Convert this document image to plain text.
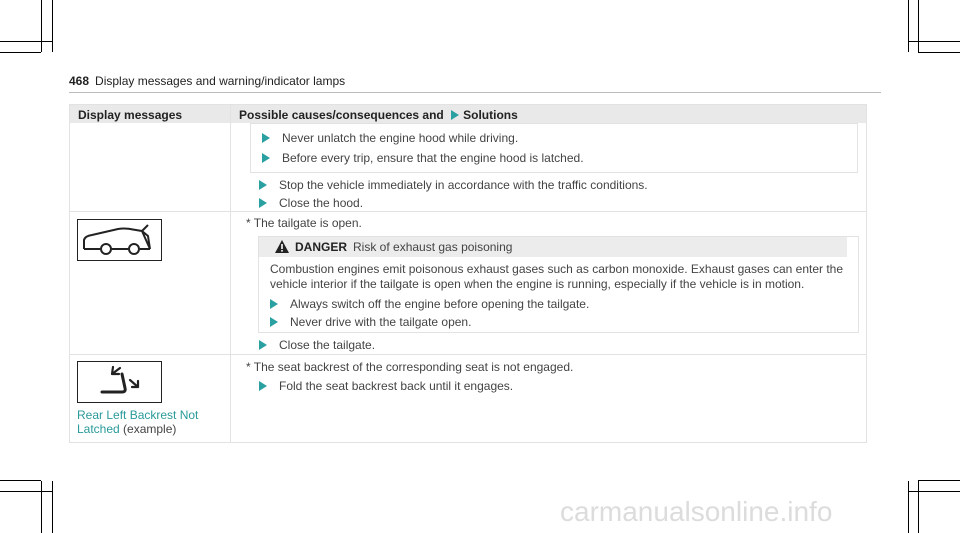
468 Display messages and warning/indicator lamps
Display messages	Possible causes/consequences and Solutions
Never unlatch the engine hood while driving.
Before every trip, ensure that the engine hood is latched.
Stop the vehicle immediately in accordance with the traffic conditions.
Close the hood.
* The tailgate is open.
DANGER Risk of exhaust gas poisoning
Combustion engines emit poisonous exhaust gases such as carbon monoxide. Exhaust gases can enter the
vehicle interior if the tailgate is open when the engine is running, especially if the vehicle is in motion.
Always switch off the engine before opening the tailgate.
Never drive with the tailgate open.
Close the tailgate.
Rear Left Backrest Not
Latched (example)
* The seat backrest of the corresponding seat is not engaged.
Fold the seat backrest back until it engages.
carmanualsonline.info
